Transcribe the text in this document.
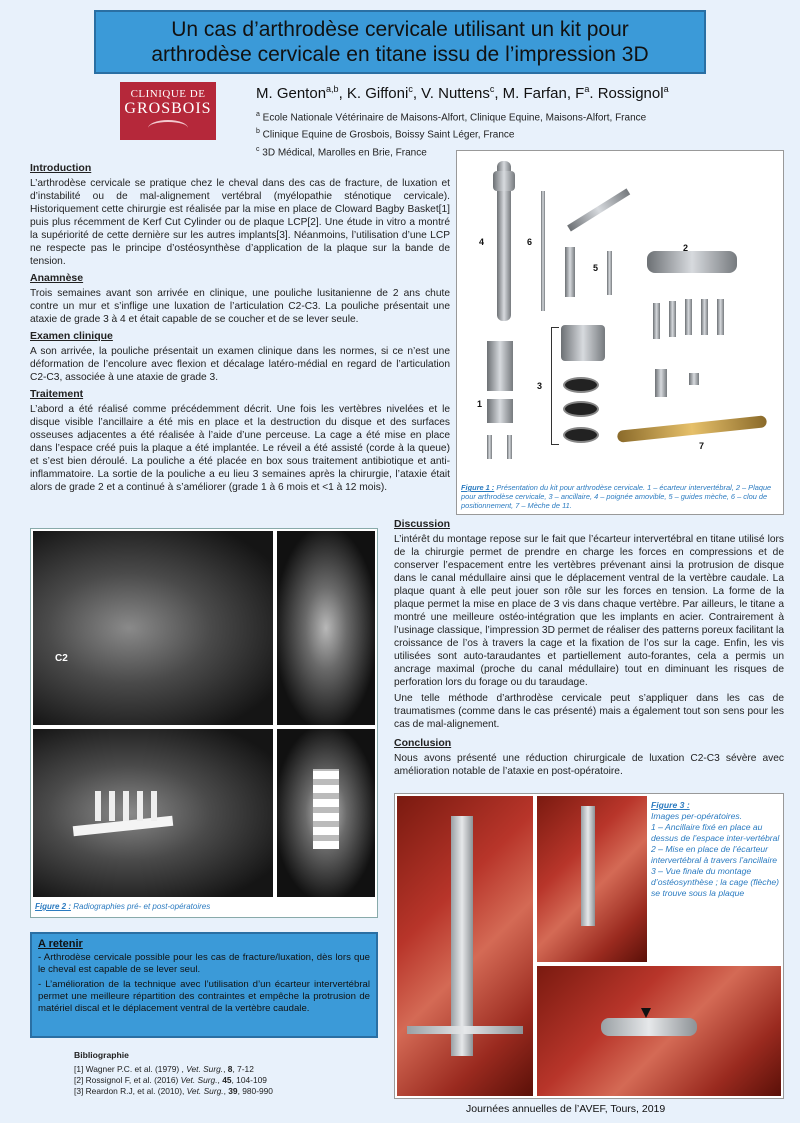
Un cas d’arthrodèse cervicale utilisant un kit pour
arthrodèse cervicale en titane issu de l’impression 3D
CLINIQUE DE
GROSBOIS
M. Genton$^{a,b}$, K. Giffoni$^c$, V. Nuttens$^c$, M. Farfan, $F^a$. Rossignol$^a$
$^a$ Ecole Nationale Vétérinaire de Maisons-Alfort, Clinique Equine, Maisons-Alfort, France
$^b$ Clinique Equine de Grosbois, Boissy Saint Léger, France
$^c$ 3D Médical, Marolles en Brie, France
Introduction

L’arthrodèse cervicale se pratique chez le cheval dans des cas de fracture, de luxation et d’instabilité ou de mal-alignement vertébral (myélopathie sténotique cervicale). Historiquement cette chirurgie est réalisée par la mise en place de Cloward Bagby Basket[1] puis plus récemment de Kerf Cut Cylinder ou de plaque LCP[2]. Une étude in vitro a montré la supériorité de cette dernière sur les autres implants[3]. Néanmoins, l’utilisation d’une LCP ne respecte pas le principe d’ostéosynthèse d’application de la plaque sur la bande de tension.

Anamnèse

Trois semaines avant son arrivée en clinique, une pouliche lusitanienne de 2 ans chute contre un mur et s’inflige une luxation de l’articulation C2-C3. La pouliche présentait une ataxie de grade 3 à 4 et était capable de se coucher et de se lever seule.

Examen clinique

A son arrivée, la pouliche présentait un examen clinique dans les normes, si ce n’est une déformation de l’encolure avec flexion et décalage latéro-médial en regard de l’articulation C2-C3, associée à une ataxie de grade 3.

Traitement

L’abord a été réalisé comme précédemment décrit. Une fois les vertèbres nivelées et le disque visible l’ancillaire a été mis en place et la destruction du disque et des surfaces osseuses adjacentes a été réalisée à l’aide d’une perceuse. La cage a été mise en place dans l’espace créé puis la plaque a été implantée. Le réveil a été assisté (corde à la queue) et s’est bien déroulé. La pouliche a été placée en box sous traitement antibiotique et anti-inflammatoire. La sortie de la pouliche a eu lieu 3 semaines après la chirurgie, l’ataxie était alors de grade 2 et a continué à s’améliorer (grade 1 à 6 mois et <1 à 12 mois).

4	6
5
2
3
1
7
Figure 1 : Présentation du kit pour arthrodèse cervicale. 1 – écarteur intervertébral, 2 – Plaque pour arthrodèse cervicale, 3 – ancillaire, 4 – poignée amovible, 5 – guides mèche, 6 – clou de positionnement, 7 – Mèche de 11.
C2
Figure 2 : Radiographies pré- et post-opératoires
A retenir

- Arthrodèse cervicale possible pour les cas de fracture/luxation, dès lors que le cheval est capable de se lever seul.

- L’amélioration de la technique avec l’utilisation d’un écarteur intervertébral permet une meilleure répartition des contraintes et empêche la protrusion de matériel discal et le déplacement ventral de la vertèbre caudale.

Bibliographie
[1] Wagner P.C. et al. (1979) , Vet. Surg., 8, 7-12
[2] Rossignol F, et al. (2016) Vet. Surg., 45, 104-109
[3] Reardon R.J, et al. (2010), Vet. Surg., 39, 980-990
Discussion

L’intérêt du montage repose sur le fait que l’écarteur intervertébral en titane utilisé lors de la chirurgie permet de prendre en charge les forces en compressions et de conserver l’espacement entre les vertèbres prévenant ainsi la protrusion de disque dans le canal médullaire ainsi que le déplacement ventral de la vertèbre caudale. La plaque quant à elle peut jouer son rôle sur les forces en tension. La forme de la plaque permet la mise en place de 3 vis dans chaque vertèbre. Par ailleurs, le titane a montré une meilleure ostéo-intégration que les implants en acier. Contrairement à l’usinage classique, l’impression 3D permet de réaliser des patterns poreux facilitant la croissance de l’os à travers la cage et la fixation de l’os sur la cage. Enfin, les vis utilisées sont auto-taraudantes et partiellement auto-forantes, cela a permis un ancrage maximal (proche du canal médullaire) tout en diminuant les risques de perforation lors du forage ou du taraudage.

Une telle méthode d’arthrodèse cervicale peut s’appliquer dans les cas de traumatismes (comme dans le cas présenté) mais a également tout son sens pour les cas de mal-alignement.

Conclusion

Nous avons présenté une réduction chirurgicale de luxation C2-C3 sévère avec amélioration notable de l’ataxie en post-opératoire.

Figure 3 :
Images per-opératoires.
1 – Ancillaire fixé en place au dessus de l’espace inter-vertébral
2 – Mise en place de l’écarteur intervertébral à travers l’ancillaire
3 – Vue finale du montage d’ostéosynthèse ; la cage (flèche) se trouve sous la plaque
Journées annuelles de l’AVEF, Tours, 2019
